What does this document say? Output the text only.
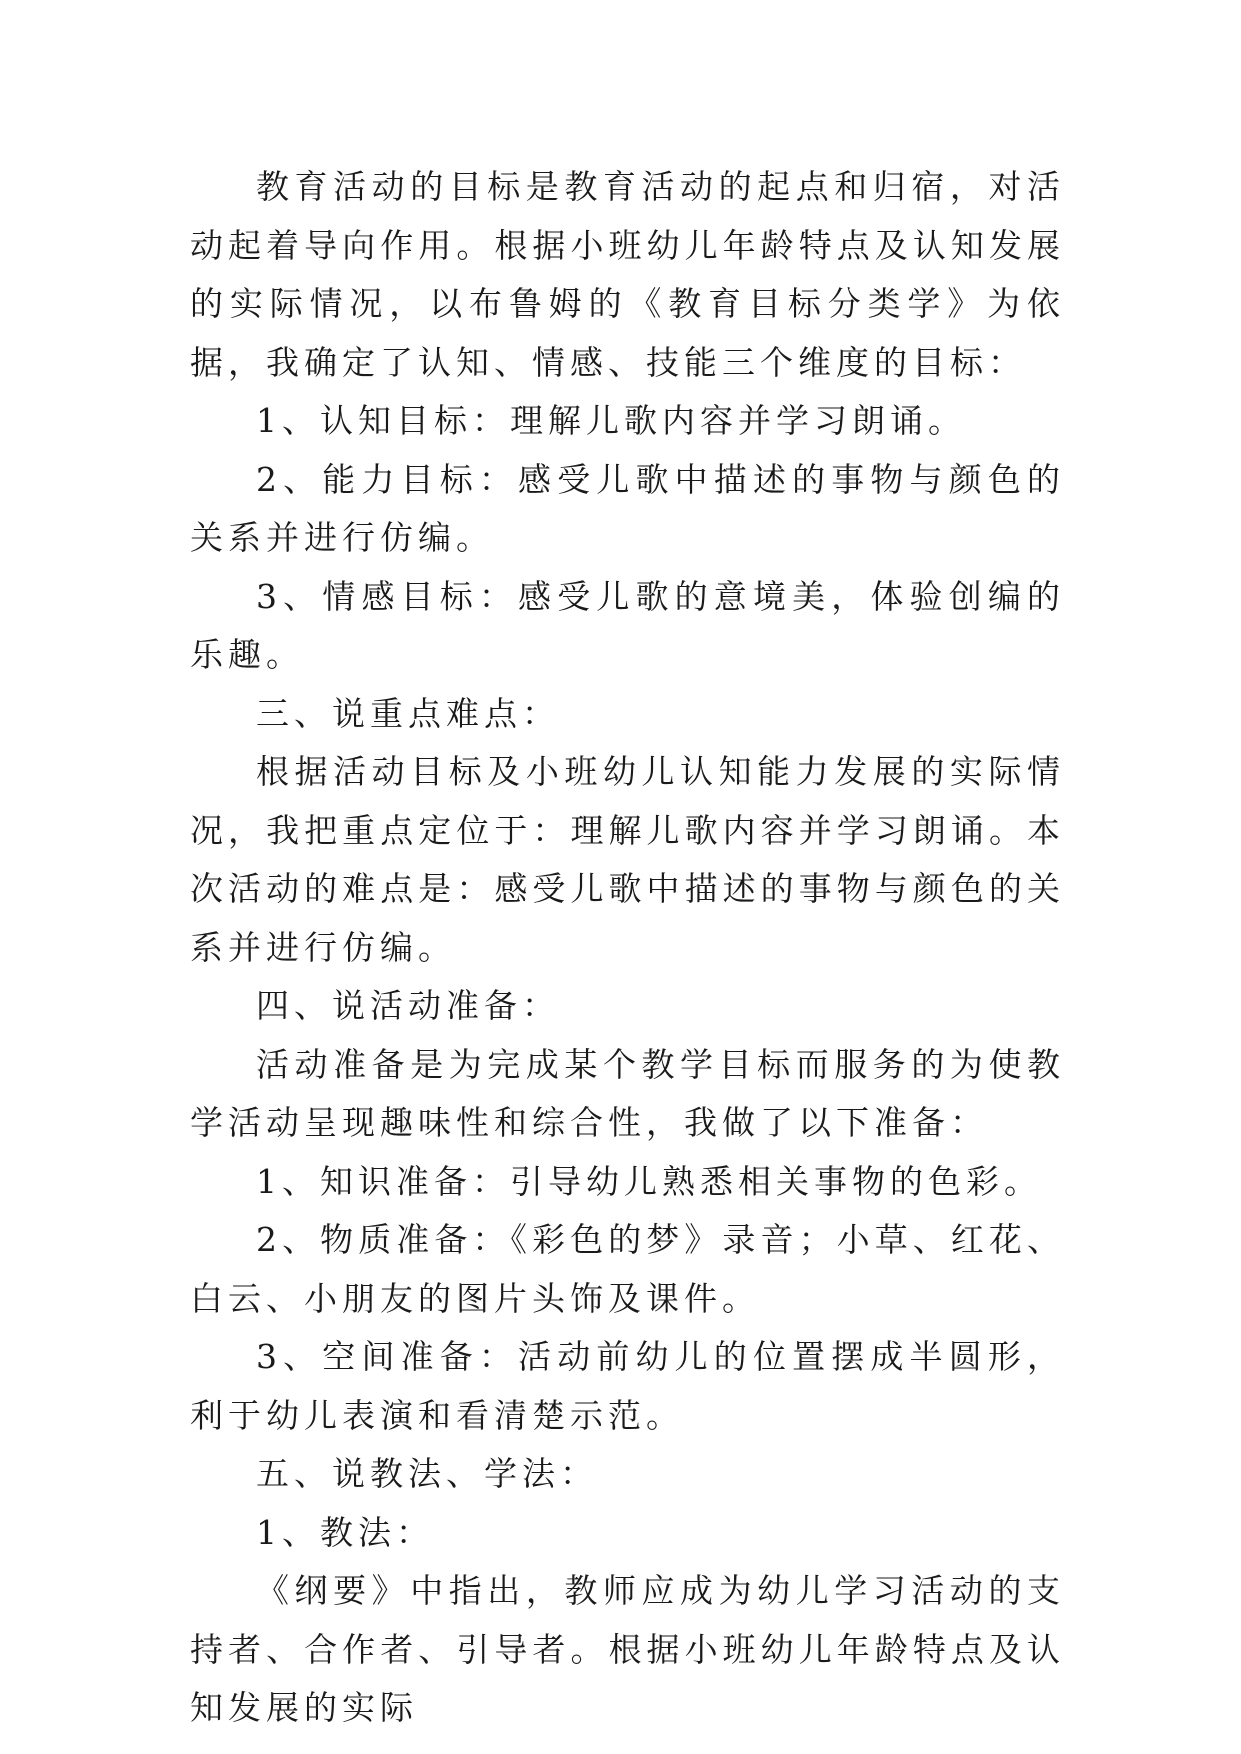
教育活动的目标是教育活动的起点和归宿，对活动起着导向作用。根据小班幼儿年龄特点及认知发展的实际情况，以布鲁姆的《教育目标分类学》为依据，我确定了认知、情感、技能三个维度的目标：

1、认知目标：理解儿歌内容并学习朗诵。

2、能力目标：感受儿歌中描述的事物与颜色的关系并进行仿编。

3、情感目标：感受儿歌的意境美，体验创编的乐趣。

三、说重点难点：

根据活动目标及小班幼儿认知能力发展的实际情况，我把重点定位于：理解儿歌内容并学习朗诵。本次活动的难点是：感受儿歌中描述的事物与颜色的关系并进行仿编。

四、说活动准备：

活动准备是为完成某个教学目标而服务的为使教学活动呈现趣味性和综合性，我做了以下准备：

1、知识准备：引导幼儿熟悉相关事物的色彩。

2、物质准备：《彩色的梦》录音；小草、红花、白云、小朋友的图片头饰及课件。

3、空间准备：活动前幼儿的位置摆成半圆形，利于幼儿表演和看清楚示范。

五、说教法、学法：

1、教法：

《纲要》中指出，教师应成为幼儿学习活动的支持者、合作者、引导者。根据小班幼儿年龄特点及认知发展的实际
